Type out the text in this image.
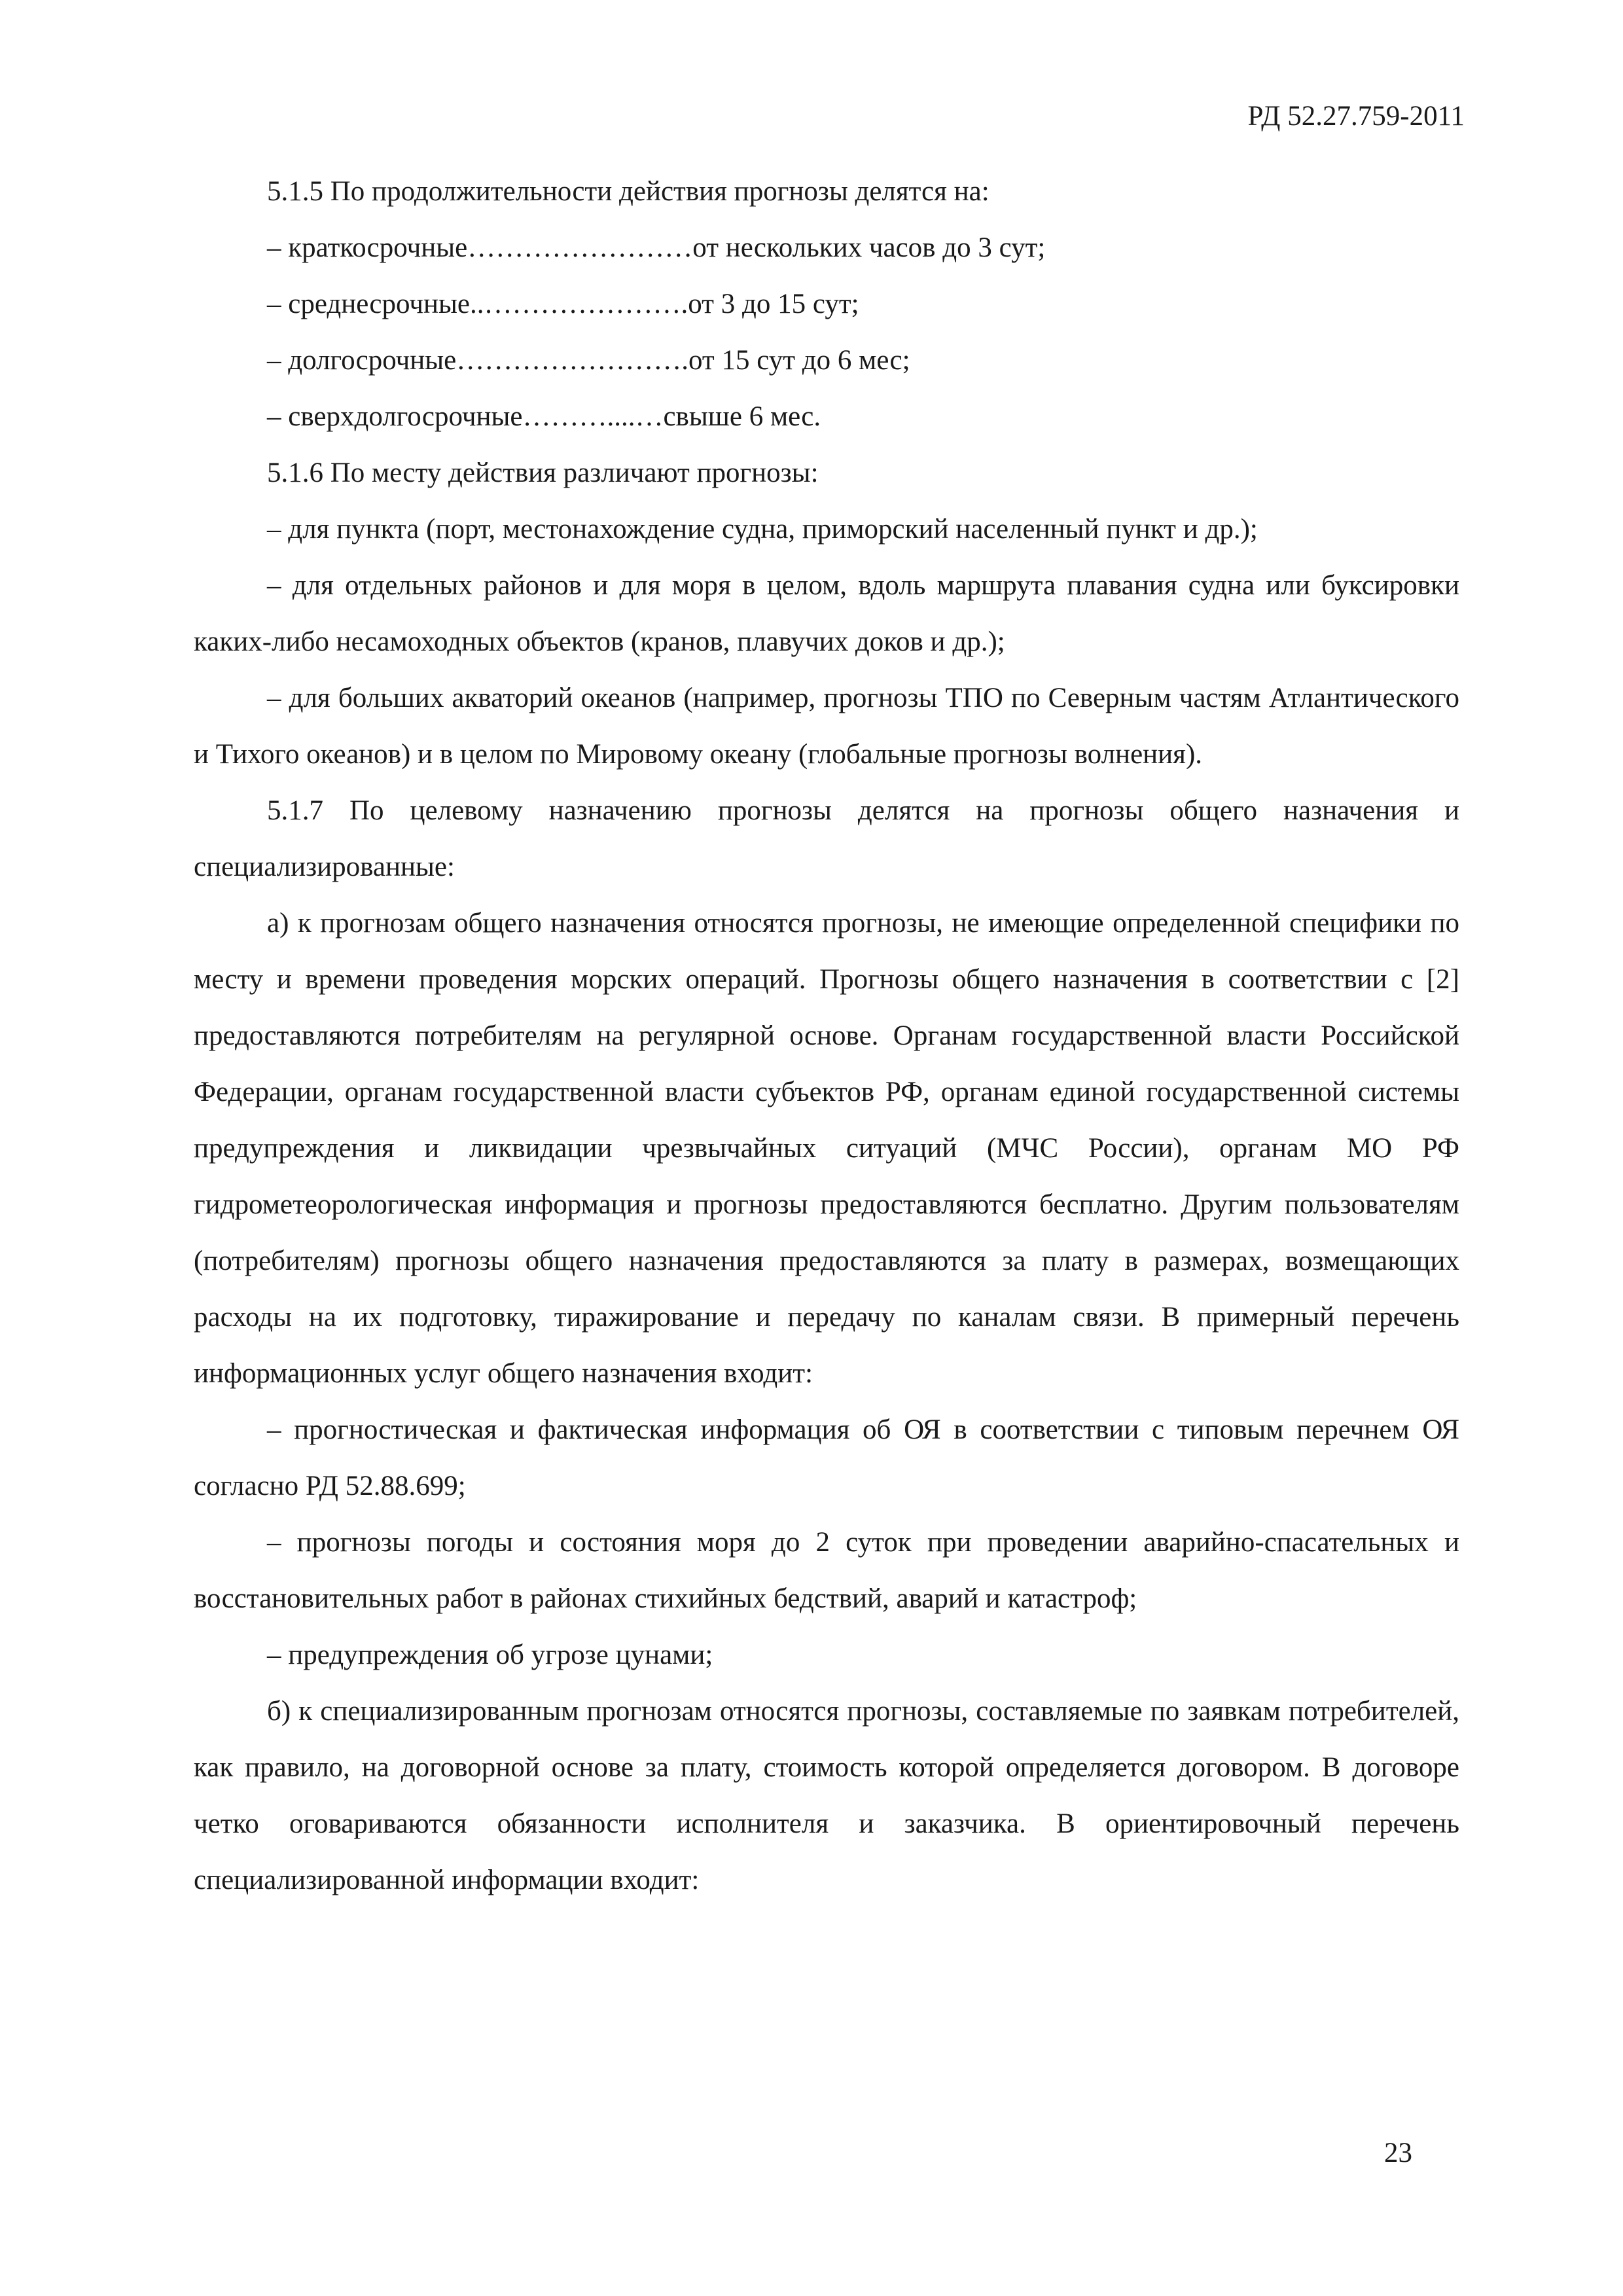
РД 52.27.759-2011

5.1.5 По продолжительности действия прогнозы делятся на:

– краткосрочные……………………от нескольких часов до 3 сут;

– среднесрочные..………………….от 3 до 15 сут;

– долгосрочные…………………….от 15 сут до 6 мес;

– сверхдолгосрочные………....…свыше 6 мес.

5.1.6 По месту действия различают прогнозы:

– для пункта (порт, местонахождение судна, приморский населенный пункт и др.);

– для отдельных районов и для моря в целом, вдоль маршрута плавания судна или буксировки каких-либо несамоходных объектов (кранов, плавучих доков и др.);

– для больших акваторий океанов (например, прогнозы ТПО по Северным частям Атлантического и Тихого океанов) и в целом по Мировому океану (глобальные прогнозы волнения).

5.1.7 По целевому назначению прогнозы делятся на прогнозы общего назначения и специализированные:

а) к прогнозам общего назначения относятся прогнозы, не имеющие определенной специфики по месту и времени проведения морских операций. Прогнозы общего назначения в соответствии с [2] предоставляются потребителям на регулярной основе. Органам государственной власти Российской Федерации, органам государственной власти субъектов РФ, органам единой государственной системы предупреждения и ликвидации чрезвычайных ситуаций (МЧС России), органам МО РФ гидрометеорологическая информация и прогнозы предоставляются бесплатно. Другим пользователям (потребителям) прогнозы общего назначения предоставляются за плату в размерах, возмещающих расходы на их подготовку, тиражирование и передачу по каналам связи. В примерный перечень информационных услуг общего назначения входит:

– прогностическая и фактическая информация об ОЯ в соответствии с типовым перечнем ОЯ согласно РД 52.88.699;

– прогнозы погоды и состояния моря до 2 суток при проведении аварийно-спасательных и восстановительных работ в районах стихийных бедствий, аварий и катастроф;

– предупреждения об угрозе цунами;

б) к специализированным прогнозам относятся прогнозы, составляемые по заявкам потребителей, как правило, на договорной основе за плату, стоимость которой определяется договором. В договоре четко оговариваются обязанности исполнителя и заказчика. В ориентировочный перечень специализированной информации входит:

23
